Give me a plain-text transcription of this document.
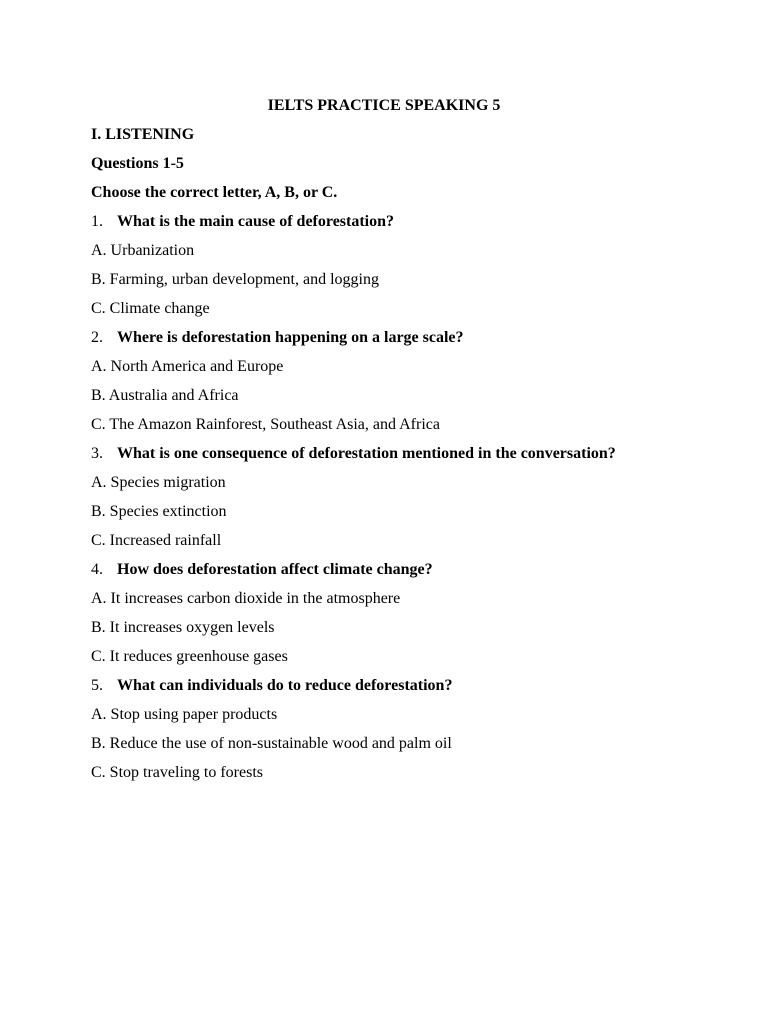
IELTS PRACTICE SPEAKING 5
I. LISTENING
Questions 1-5
Choose the correct letter, A, B, or C.
1. What is the main cause of deforestation?
A. Urbanization
B. Farming, urban development, and logging
C. Climate change
2. Where is deforestation happening on a large scale?
A. North America and Europe
B. Australia and Africa
C. The Amazon Rainforest, Southeast Asia, and Africa
3. What is one consequence of deforestation mentioned in the conversation?
A. Species migration
B. Species extinction
C. Increased rainfall
4. How does deforestation affect climate change?
A. It increases carbon dioxide in the atmosphere
B. It increases oxygen levels
C. It reduces greenhouse gases
5. What can individuals do to reduce deforestation?
A. Stop using paper products
B. Reduce the use of non-sustainable wood and palm oil
C. Stop traveling to forests
